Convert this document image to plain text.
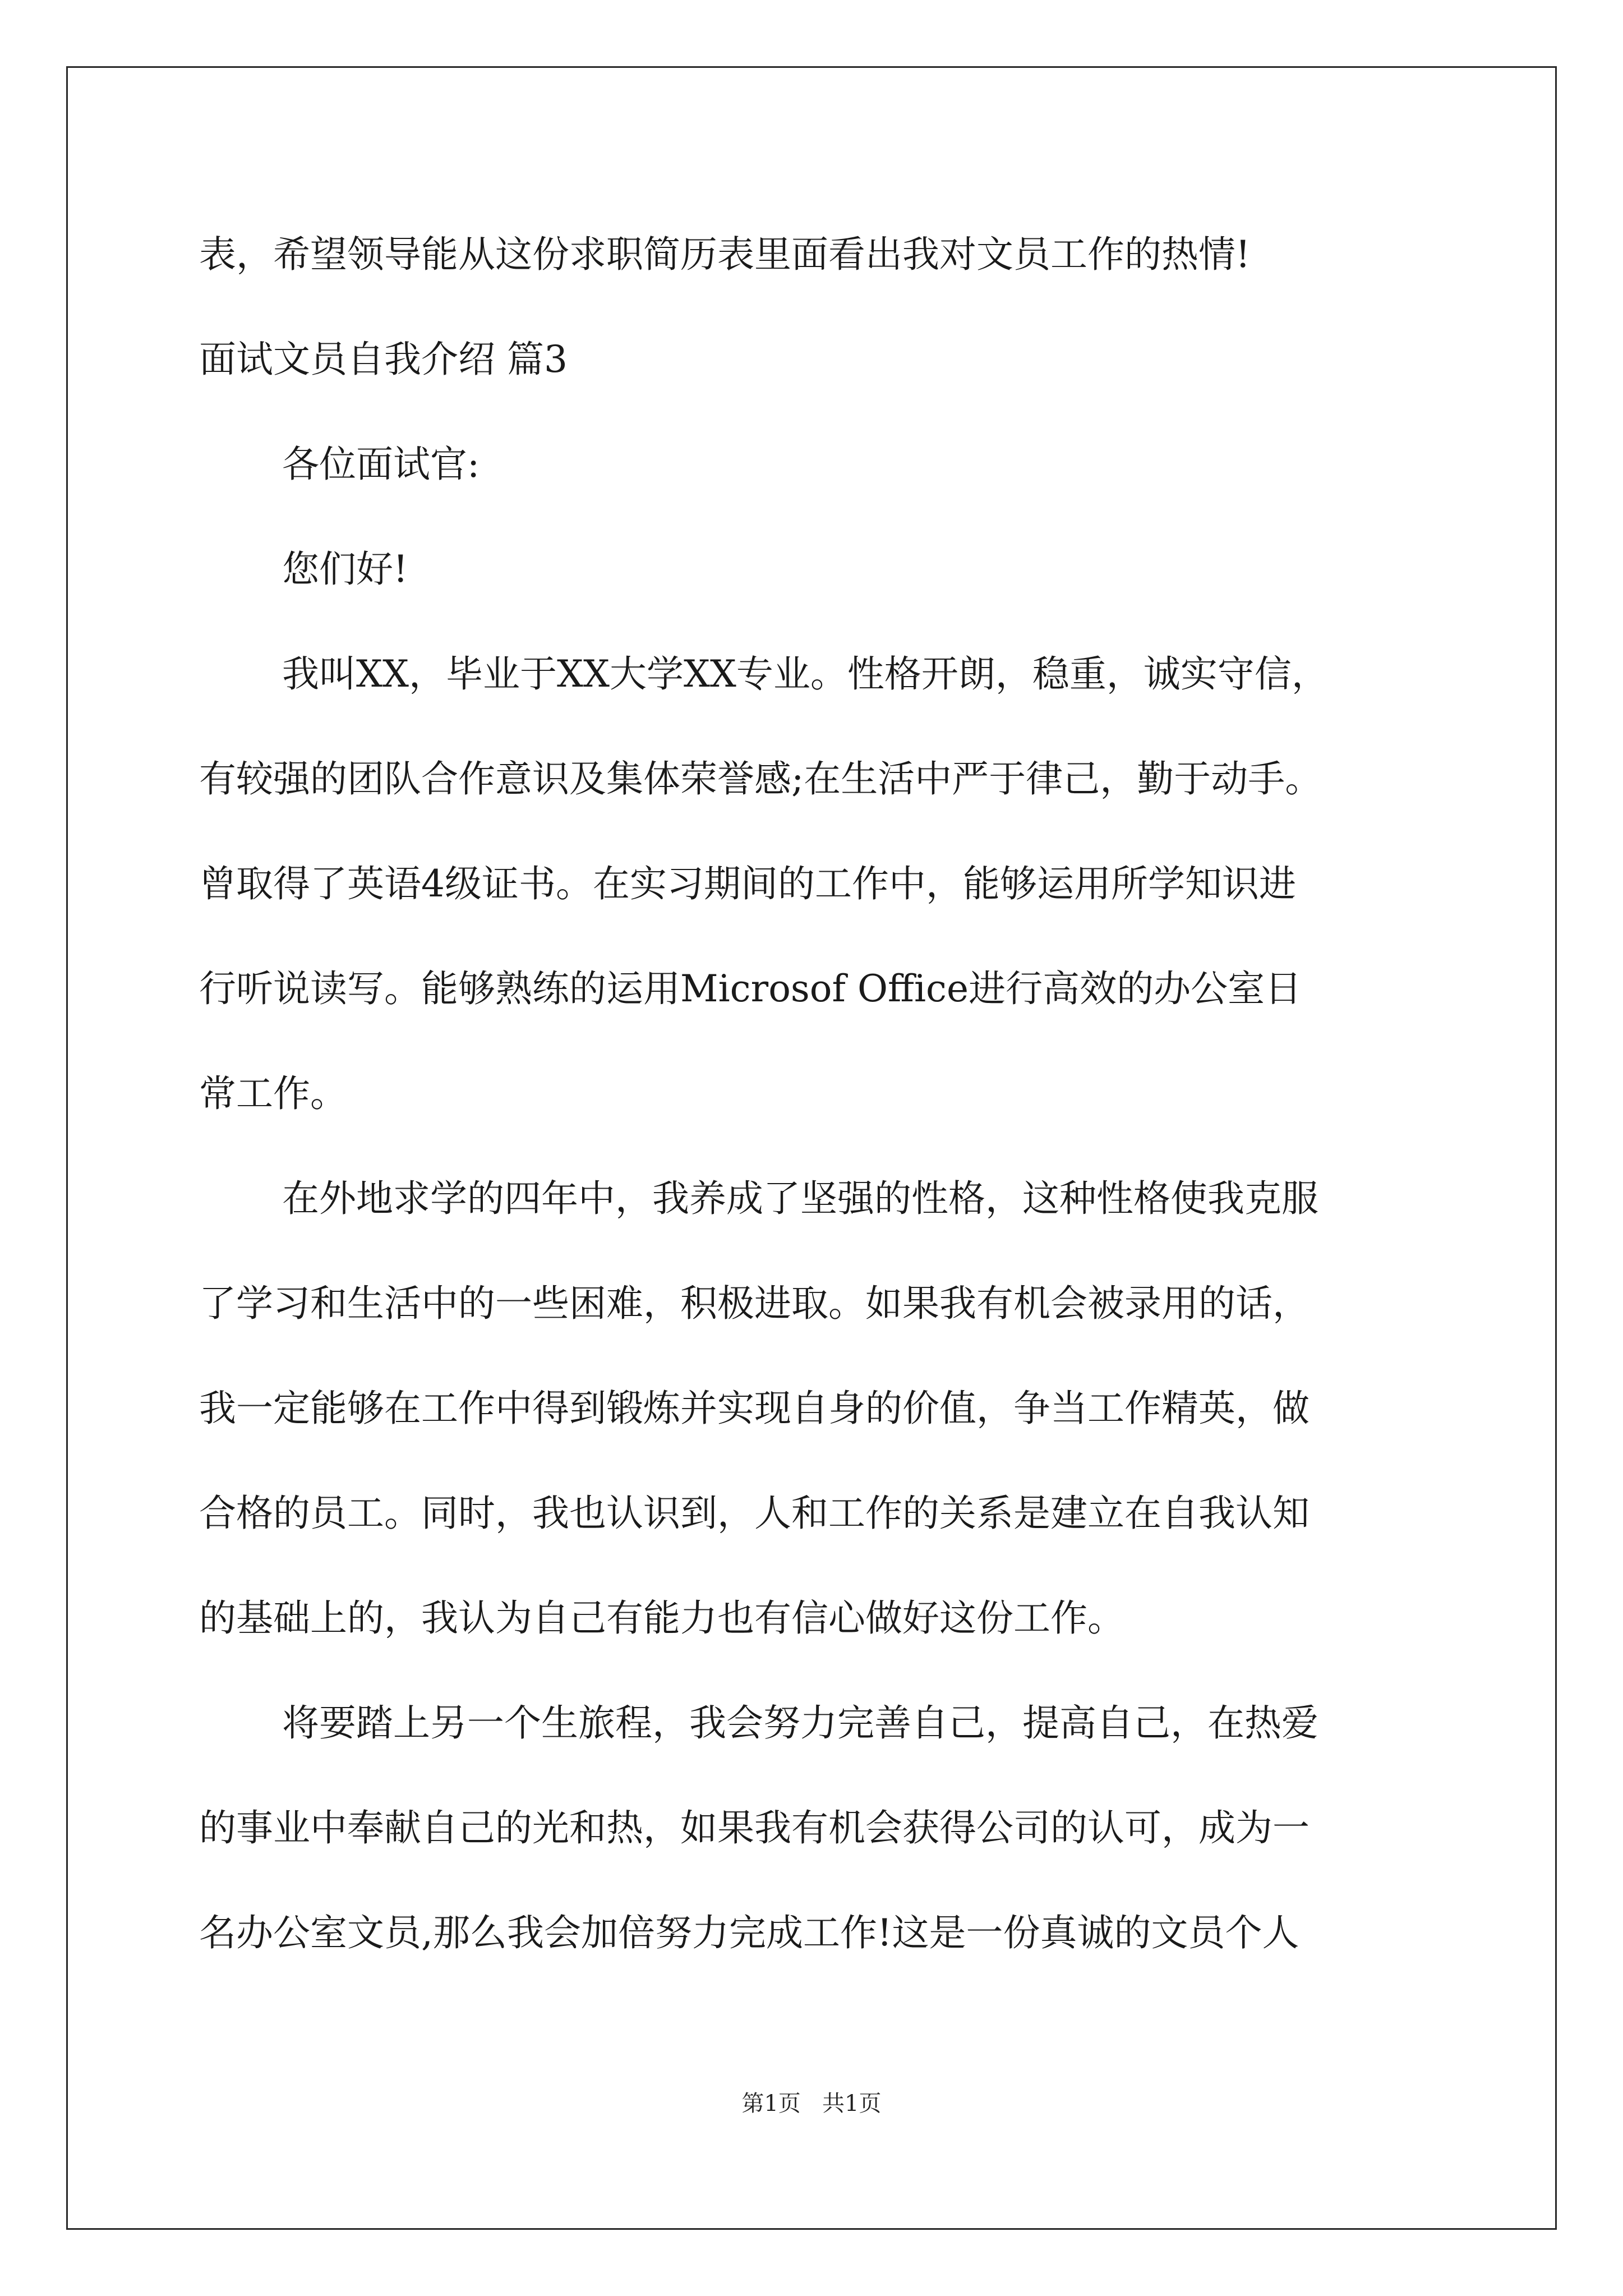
表，希望领导能从这份求职简历表里面看出我对文员工作的热情!
面试文员自我介绍 篇3
各位面试官:
您们好!
我叫XX，毕业于XX大学XX专业。性格开朗，稳重，诚实守信，
有较强的团队合作意识及集体荣誉感;在生活中严于律己，勤于动手。
曾取得了英语4级证书。在实习期间的工作中，能够运用所学知识进
行听说读写。能够熟练的运用Microsof Office进行高效的办公室日
常工作。
在外地求学的四年中，我养成了坚强的性格，这种性格使我克服
了学习和生活中的一些困难，积极进取。如果我有机会被录用的话，
我一定能够在工作中得到锻炼并实现自身的价值，争当工作精英，做
合格的员工。同时，我也认识到，人和工作的关系是建立在自我认知
的基础上的，我认为自己有能力也有信心做好这份工作。
将要踏上另一个生旅程，我会努力完善自己，提高自己，在热爱
的事业中奉献自己的光和热，如果我有机会获得公司的认可，成为一
名办公室文员,那么我会加倍努力完成工作!这是一份真诚的文员个人
第1页   共1页
